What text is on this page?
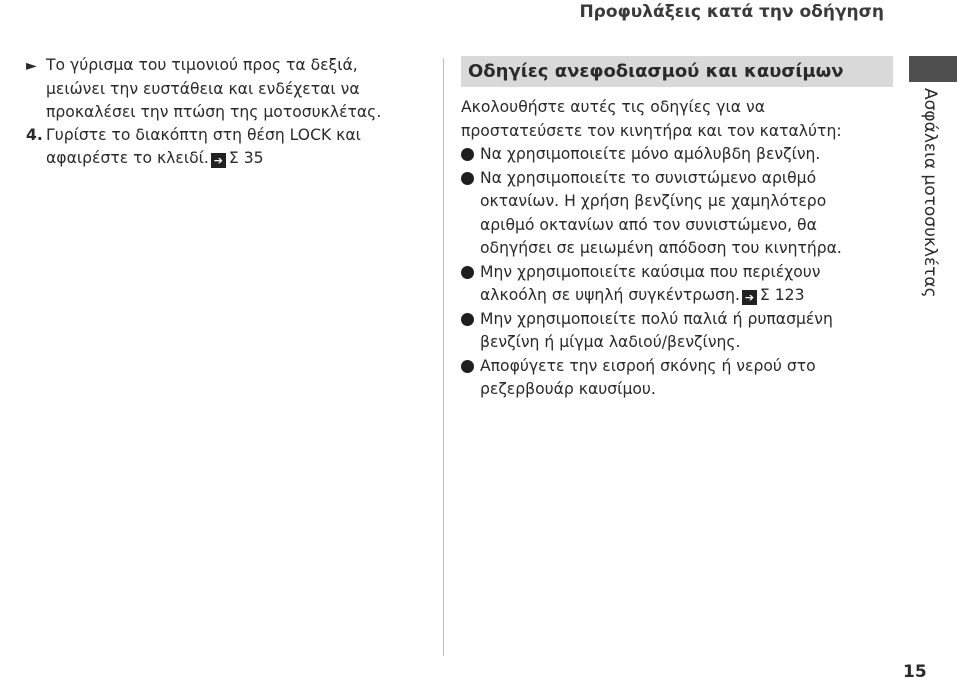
Προφυλάξεις κατά την οδήγηση
► Το γύρισμα του τιμονιού προς τα δεξιά,
μειώνει την ευστάθεια και ενδέχεται να
προκαλέσει την πτώση της μοτοσυκλέτας.
4. Γυρίστε το διακόπτη στη θέση LOCK και
αφαιρέστε το κλειδί. ➔ Σ 35
Οδηγίες ανεφοδιασμού και καυσίμων
Ακολουθήστε αυτές τις οδηγίες για να
προστατεύσετε τον κινητήρα και τον καταλύτη:
Να χρησιμοποιείτε μόνο αμόλυβδη βενζίνη.
Να χρησιμοποιείτε το συνιστώμενο αριθμό
οκτανίων. Η χρήση βενζίνης με χαμηλότερο
αριθμό οκτανίων από τον συνιστώμενο, θα
οδηγήσει σε μειωμένη απόδοση του κινητήρα.
Μην χρησιμοποιείτε καύσιμα που περιέχουν
αλκοόλη σε υψηλή συγκέντρωση. ➔ Σ 123
Μην χρησιμοποιείτε πολύ παλιά ή ρυπασμένη
βενζίνη ή μίγμα λαδιού/βενζίνης.
Αποφύγετε την εισροή σκόνης ή νερού στο
ρεζερβουάρ καυσίμου.
Ασφάλεια μοτοσυκλέτας
15
